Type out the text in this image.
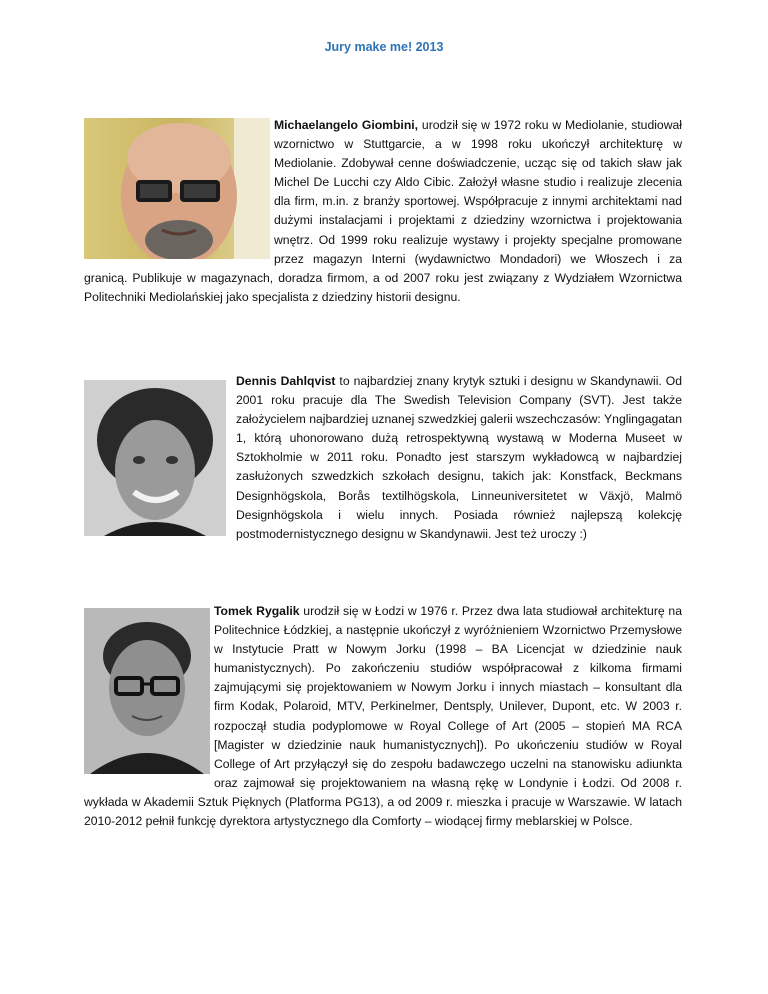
Jury make me! 2013
Michaelangelo Giombini, urodził się w 1972 roku w Mediolanie, studiował wzornictwo w Stuttgarcie, a w 1998 roku ukończył architekturę w Mediolanie. Zdobywał cenne doświadczenie, ucząc się od takich sław jak Michel De Lucchi czy Aldo Cibic. Założył własne studio i realizuje zlecenia dla firm, m.in. z branży sportowej. Współpracuje z innymi architektami nad dużymi instalacjami i projektami z dziedziny wzornictwa i projektowania wnętrz. Od 1999 roku realizuje wystawy i projekty specjalne promowane przez magazyn Interni (wydawnictwo Mondadori) we Włoszech i za granicą. Publikuje w magazynach, doradza firmom, a od 2007 roku jest związany z Wydziałem Wzornictwa Politechniki Mediolańskiej jako specjalista z dziedziny historii designu.
Dennis Dahlqvist to najbardziej znany krytyk sztuki i designu w Skandynawii. Od 2001 roku pracuje dla The Swedish Television Company (SVT). Jest także założycielem najbardziej uznanej szwedzkiej galerii wszechczasów: Ynglingagatan 1, którą uhonorowano dużą retrospektywną wystawą w Moderna Museet w Sztokholmie w 2011 roku. Ponadto jest starszym wykładowcą w najbardziej zasłużonych szwedzkich szkołach designu, takich jak: Konstfack, Beckmans Designhögskola, Borås textilhögskola, Linneuniversitetet w Växjö, Malmö Designhögskola i wielu innych. Posiada również najlepszą kolekcję postmodernistycznego designu w Skandynawii. Jest też uroczy :)
Tomek Rygalik urodził się w Łodzi w 1976 r. Przez dwa lata studiował architekturę na Politechnice Łódzkiej, a następnie ukończył z wyróżnieniem Wzornictwo Przemysłowe w Instytucie Pratt w Nowym Jorku (1998 – BA Licencjat w dziedzinie nauk humanistycznych). Po zakończeniu studiów współpracował z kilkoma firmami zajmującymi się projektowaniem w Nowym Jorku i innych miastach – konsultant dla firm Kodak, Polaroid, MTV, Perkinelmer, Dentsply, Unilever, Dupont, etc. W 2003 r. rozpoczął studia podyplomowe w Royal College of Art (2005 – stopień MA RCA [Magister w dziedzinie nauk humanistycznych]). Po ukończeniu studiów w Royal College of Art przyłączył się do zespołu badawczego uczelni na stanowisku adiunkta oraz zajmował się projektowaniem na własną rękę w Londynie i Łodzi. Od 2008 r. wykłada w Akademii Sztuk Pięknych (Platforma PG13), a od 2009 r. mieszka i pracuje w Warszawie. W latach 2010-2012 pełnił funkcję dyrektora artystycznego dla Comforty – wiodącej firmy meblarskiej w Polsce.
